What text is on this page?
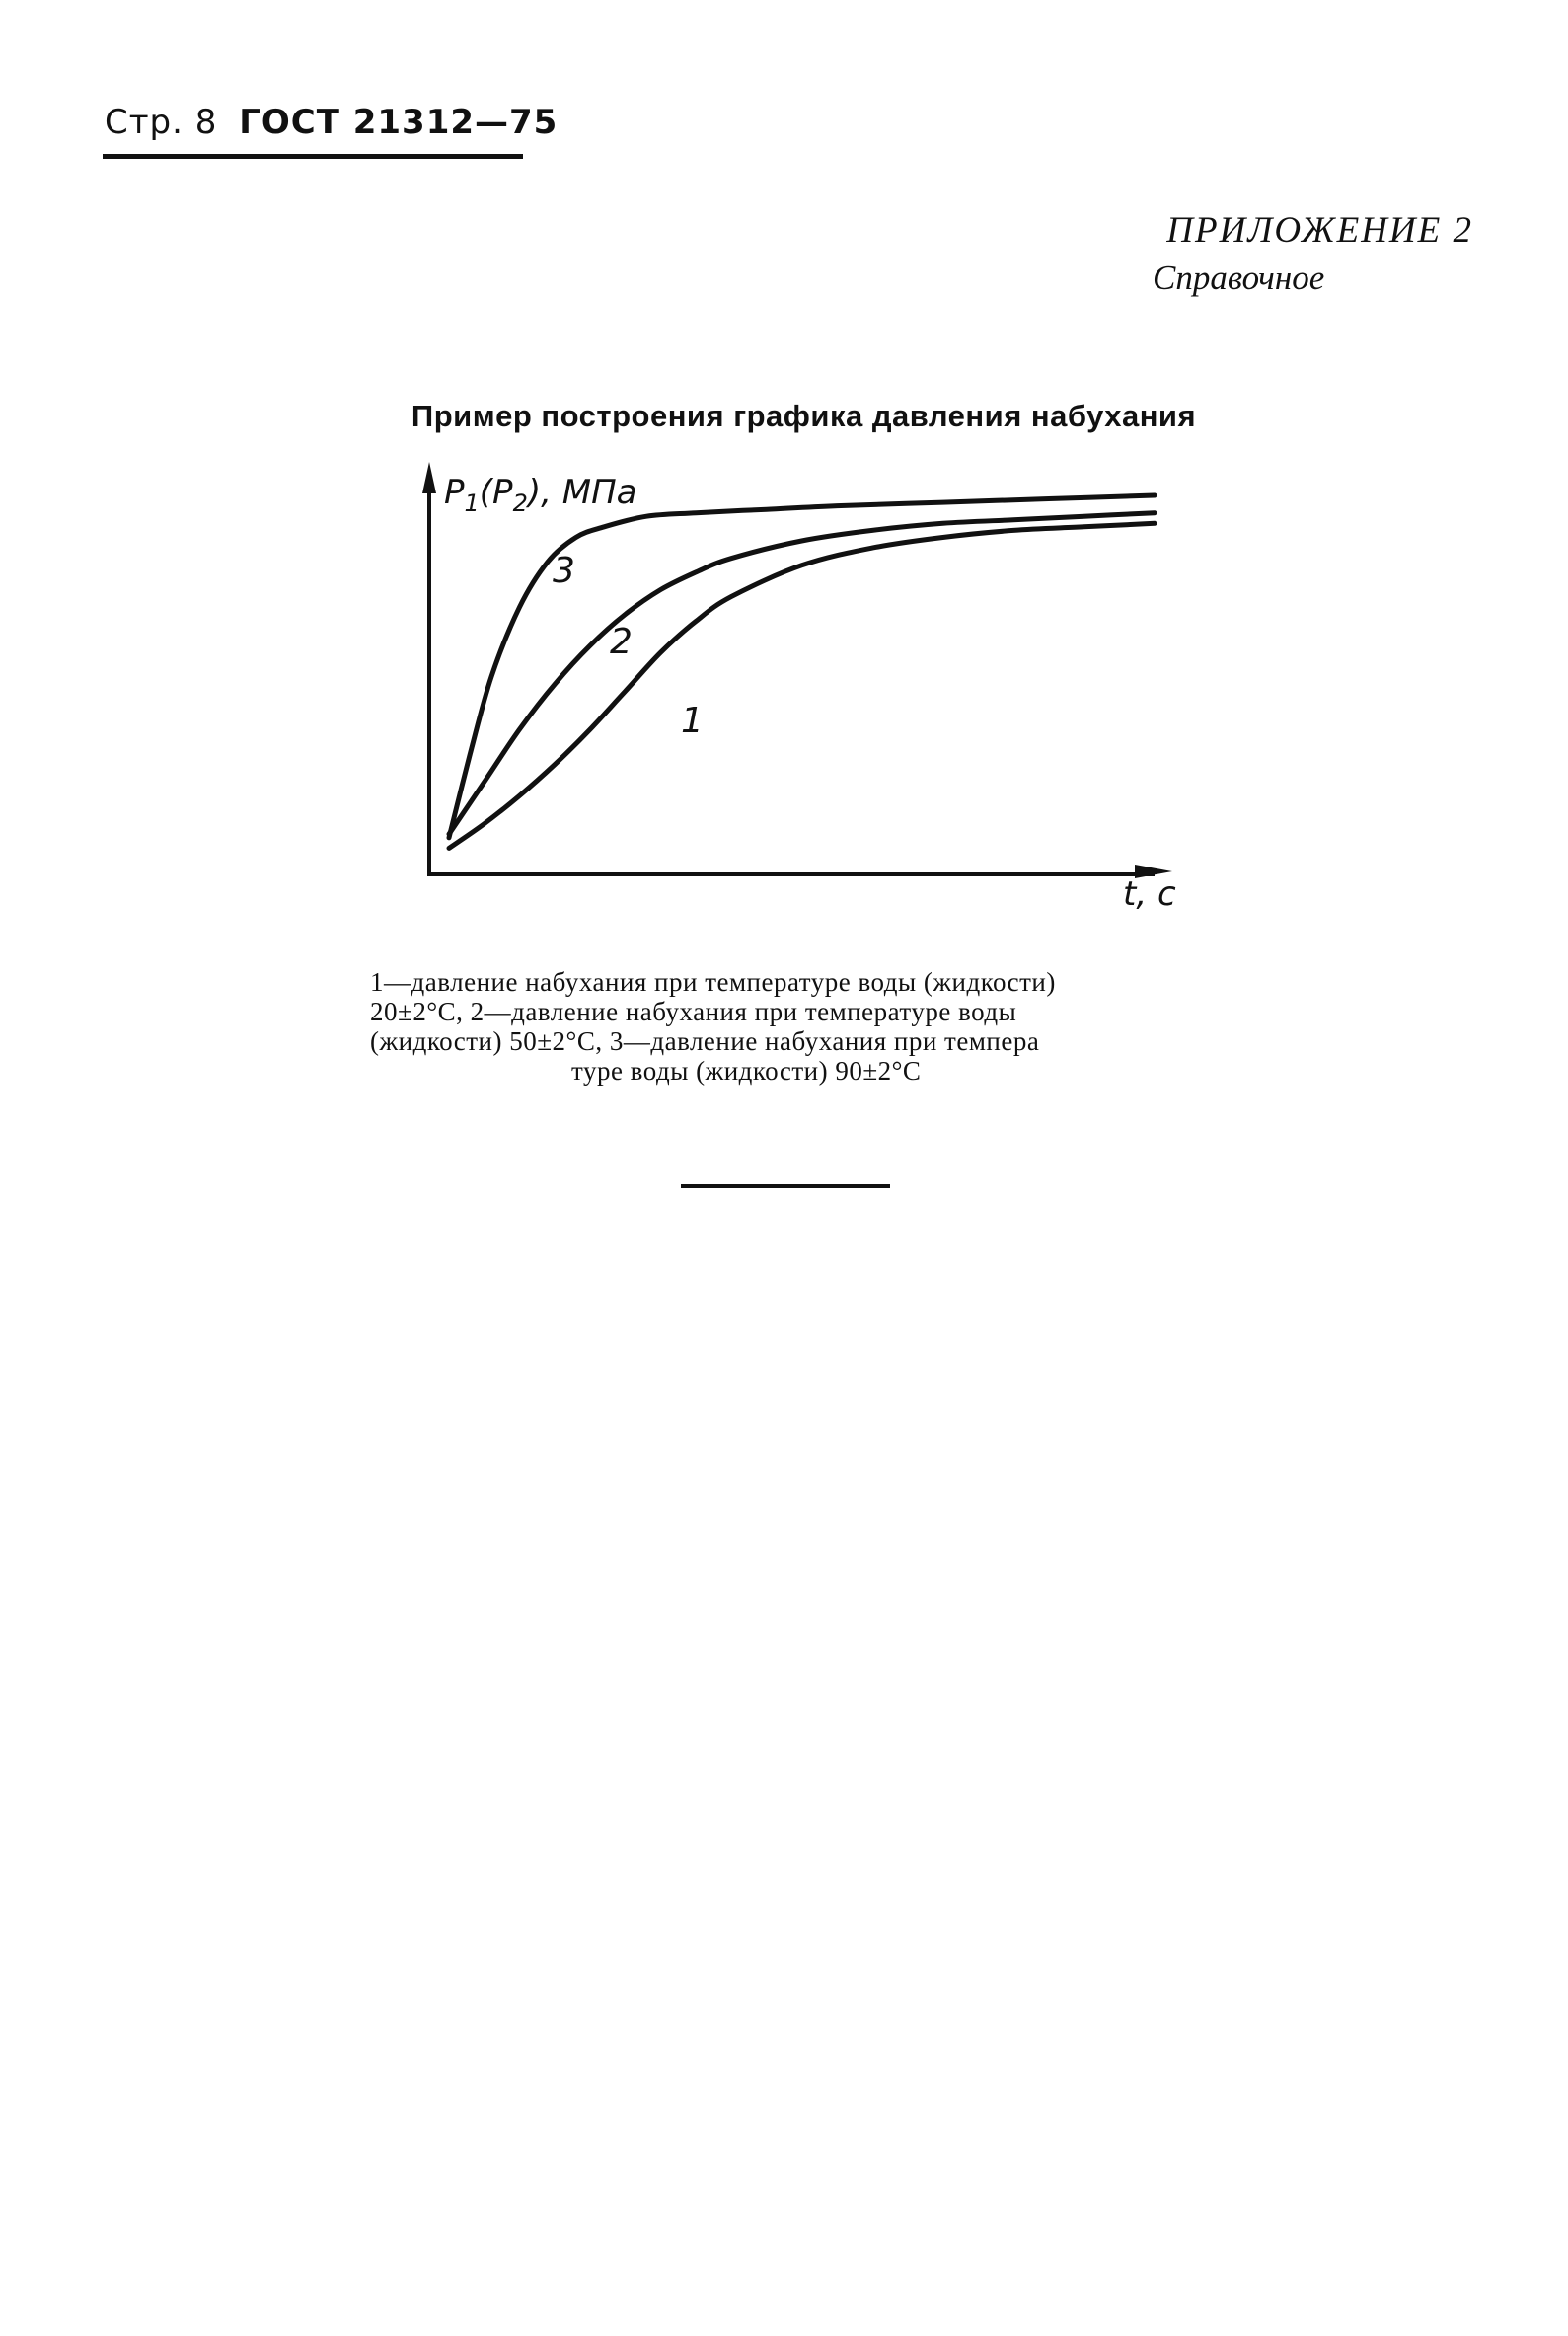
Стр. 8 ГОСТ 21312—75
ПРИЛОЖЕНИЕ 2
Справочное
Пример построения графика давления набухания
$P_1(P_2)$, МПа
t, с
3
2
1
1—давление набухания при температуре воды (жидкости)
20±2°С, 2—давление набухания при температуре воды
(жидкости) 50±2°С, 3—давление набухания при темпера
туре воды (жидкости) 90±2°С
